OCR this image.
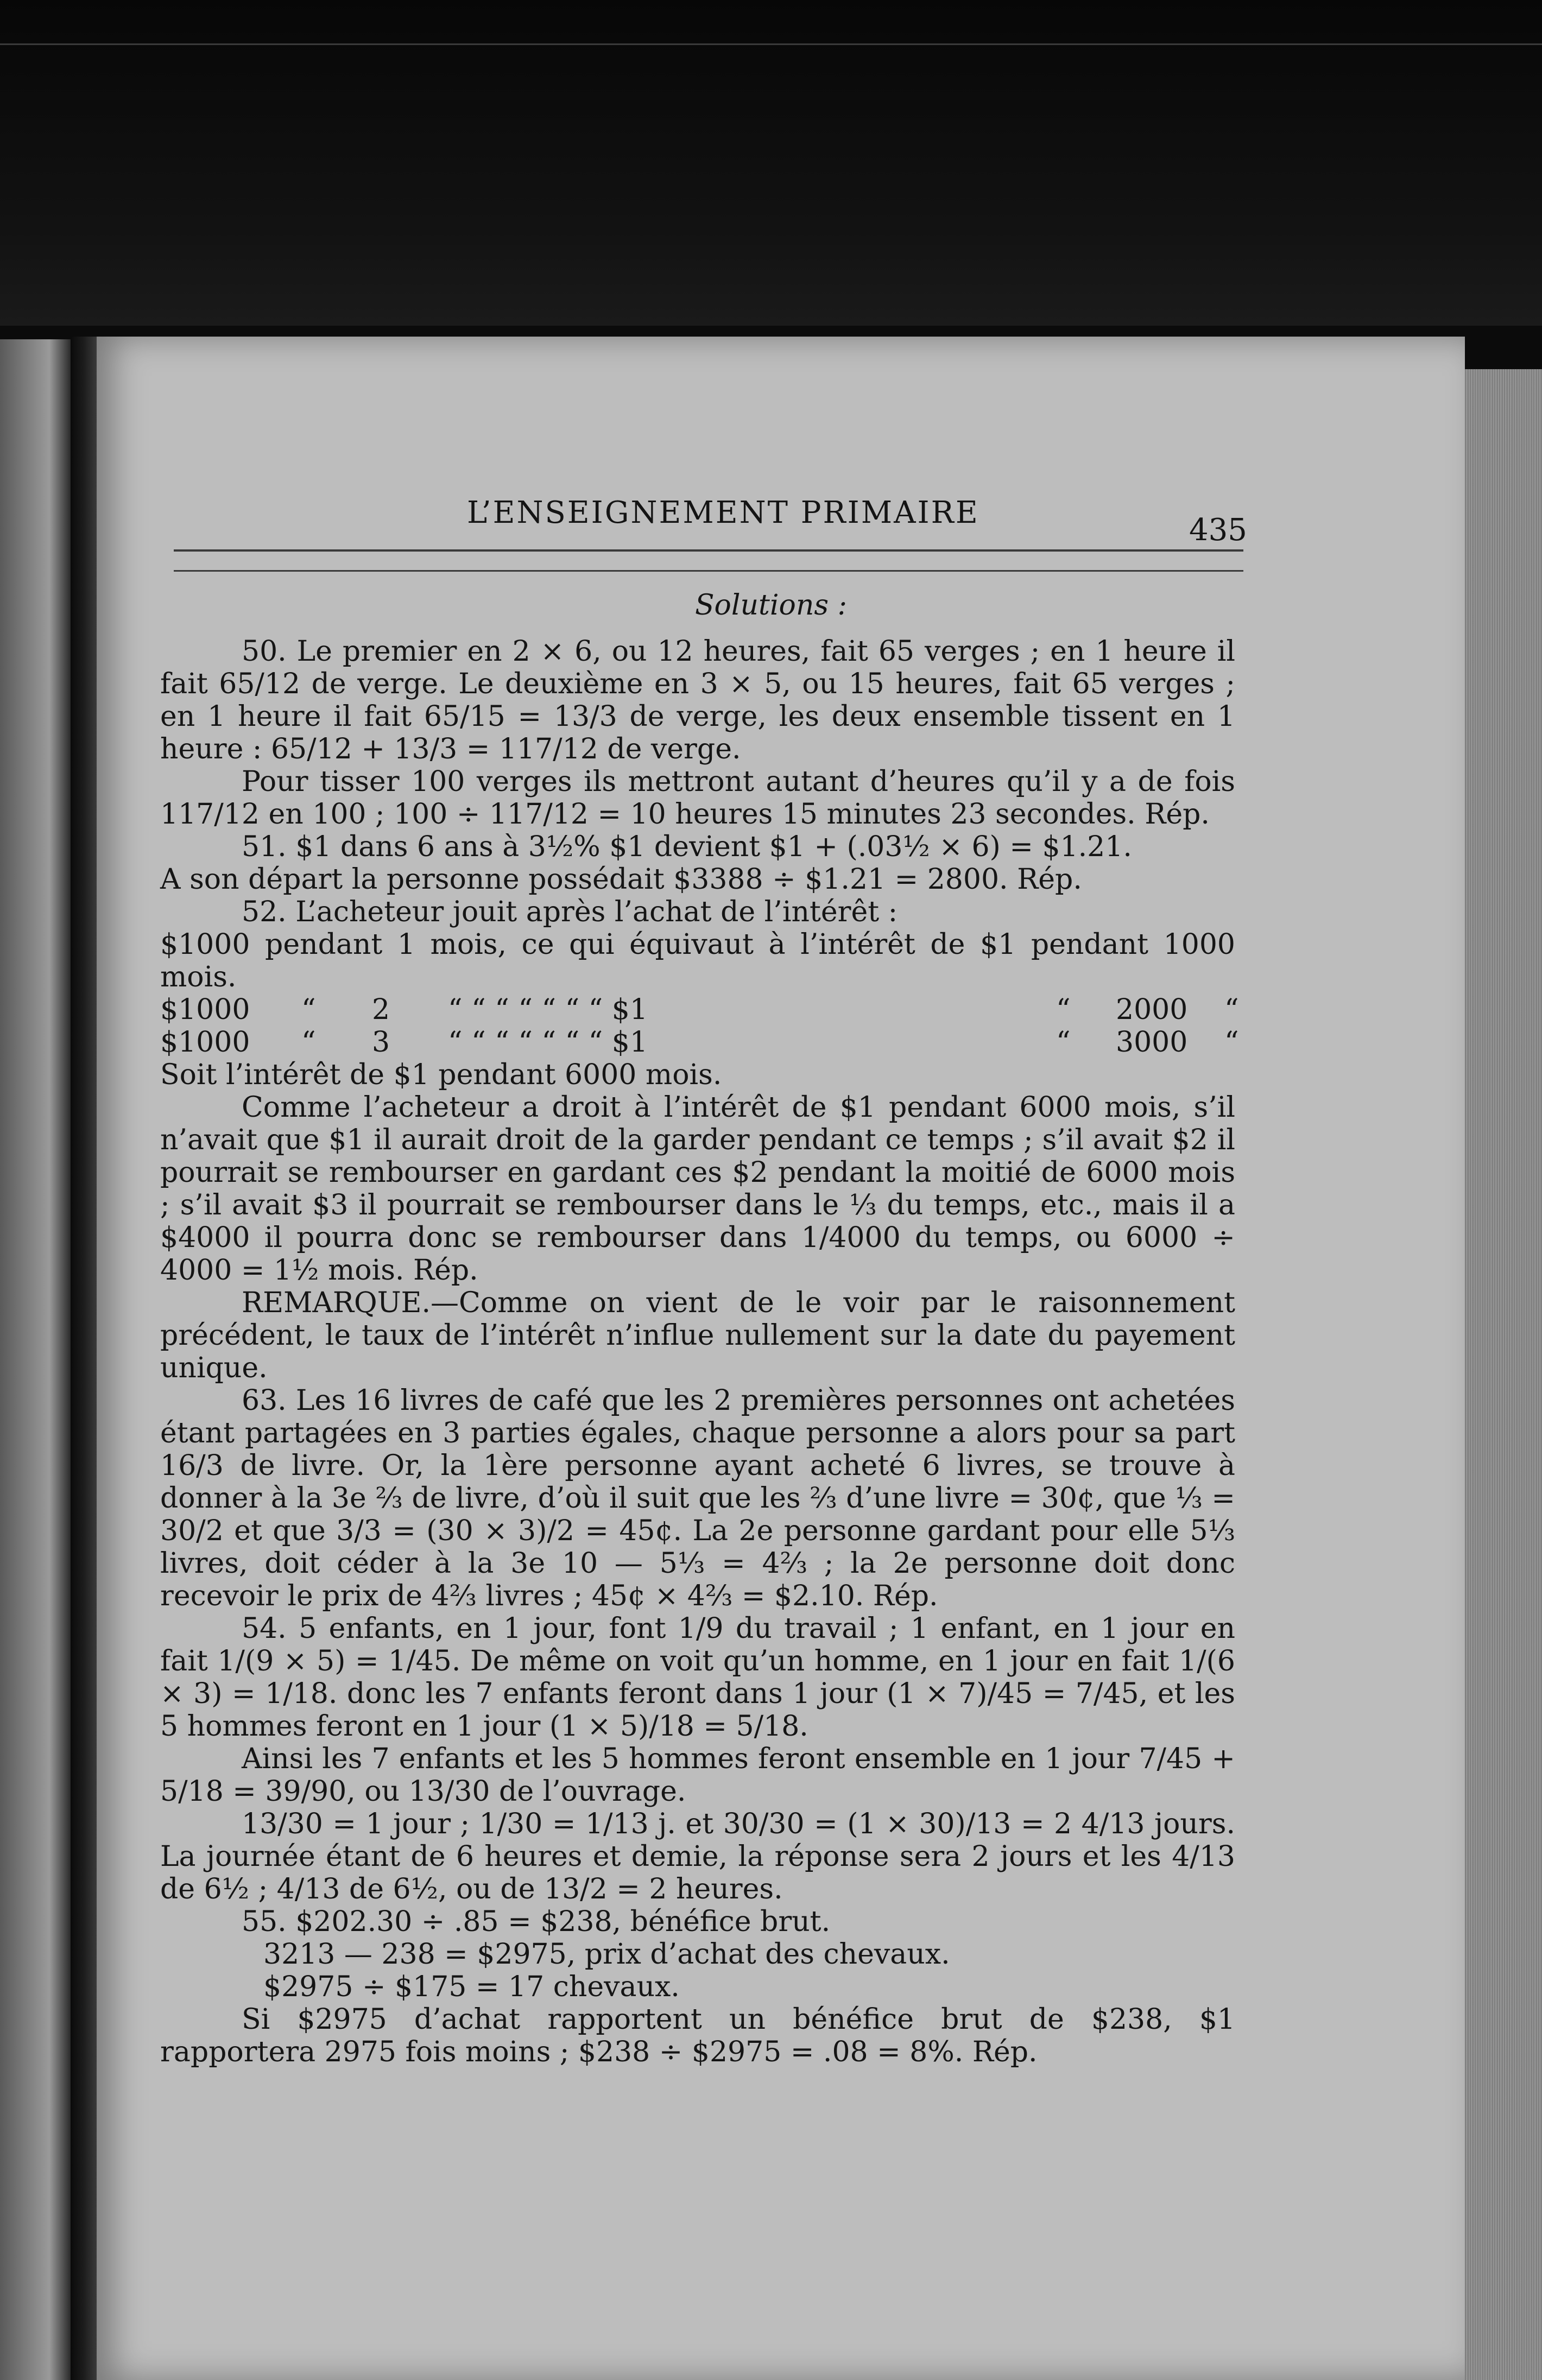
L’ENSEIGNEMENT PRIMAIRE	435
Solutions :

50. Le premier en 2 × 6, ou 12 heures, fait 65 verges ; en 1 heure il fait 65/12 de verge. Le deuxième en 3 × 5, ou 15 heures, fait 65 verges ; en 1 heure il fait 65/15 = 13/3 de verge, les deux ensemble tissent en 1 heure : 65/12 + 13/3 = 117/12 de verge.

Pour tisser 100 verges ils mettront autant d’heures qu’il y a de fois 117/12 en 100 ; 100 ÷ 117/12 = 10 heures 15 minutes 23 secondes. Rép.

51. $1 dans 6 ans à 3½% $1 devient $1 + (.03½ × 6) = $1.21.

A son départ la personne possédait $3388 ÷ $1.21 = 2800. Rép.

52. L’acheteur jouit après l’achat de l’intérêt :

$1000 pendant 1 mois, ce qui équivaut à l’intérêt de $1 pendant 1000 mois.

$1000	“	2	“ “ “ “ “ “ “ $1	“	2000	“
$1000	“	3	“ “ “ “ “ “ “ $1	“	3000	“

Soit l’intérêt de $1 pendant 6000 mois.

Comme l’acheteur a droit à l’intérêt de $1 pendant 6000 mois, s’il n’avait que $1 il aurait droit de la garder pendant ce temps ; s’il avait $2 il pourrait se rembourser en gardant ces $2 pendant la moitié de 6000 mois ; s’il avait $3 il pourrait se rembourser dans le ⅓ du temps, etc., mais il a $4000 il pourra donc se rembourser dans 1/4000 du temps, ou 6000 ÷ 4000 = 1½ mois. Rép.

REMARQUE.—Comme on vient de le voir par le raisonnement précédent, le taux de l’intérêt n’influe nullement sur la date du payement unique.

63. Les 16 livres de café que les 2 premières personnes ont achetées étant partagées en 3 parties égales, chaque personne a alors pour sa part 16/3 de livre. Or, la 1ère personne ayant acheté 6 livres, se trouve à donner à la 3e ⅔ de livre, d’où il suit que les ⅔ d’une livre = 30¢, que ⅓ = 30/2 et que 3/3 = (30 × 3)/2 = 45¢. La 2e personne gardant pour elle 5⅓ livres, doit céder à la 3e 10 — 5⅓ = 4⅔ ; la 2e personne doit donc recevoir le prix de 4⅔ livres ; 45¢ × 4⅔ = $2.10. Rép.

54. 5 enfants, en 1 jour, font 1/9 du travail ; 1 enfant, en 1 jour en fait 1/(9 × 5) = 1/45. De même on voit qu’un homme, en 1 jour en fait 1/(6 × 3) = 1/18. donc les 7 enfants feront dans 1 jour (1 × 7)/45 = 7/45, et les 5 hommes feront en 1 jour (1 × 5)/18 = 5/18.

Ainsi les 7 enfants et les 5 hommes feront ensemble en 1 jour 7/45 + 5/18 = 39/90, ou 13/30 de l’ouvrage.

13/30 = 1 jour ; 1/30 = 1/13 j. et 30/30 = (1 × 30)/13 = 2 4/13 jours. La journée étant de 6 heures et demie, la réponse sera 2 jours et les 4/13 de 6½ ; 4/13 de 6½, ou de 13/2 = 2 heures.

55. $202.30 ÷ .85 = $238, bénéfice brut.

3213 — 238 = $2975, prix d’achat des chevaux.

$2975 ÷ $175 = 17 chevaux.

Si $2975 d’achat rapportent un bénéfice brut de $238, $1 rapportera 2975 fois moins ; $238 ÷ $2975 = .08 = 8%. Rép.
